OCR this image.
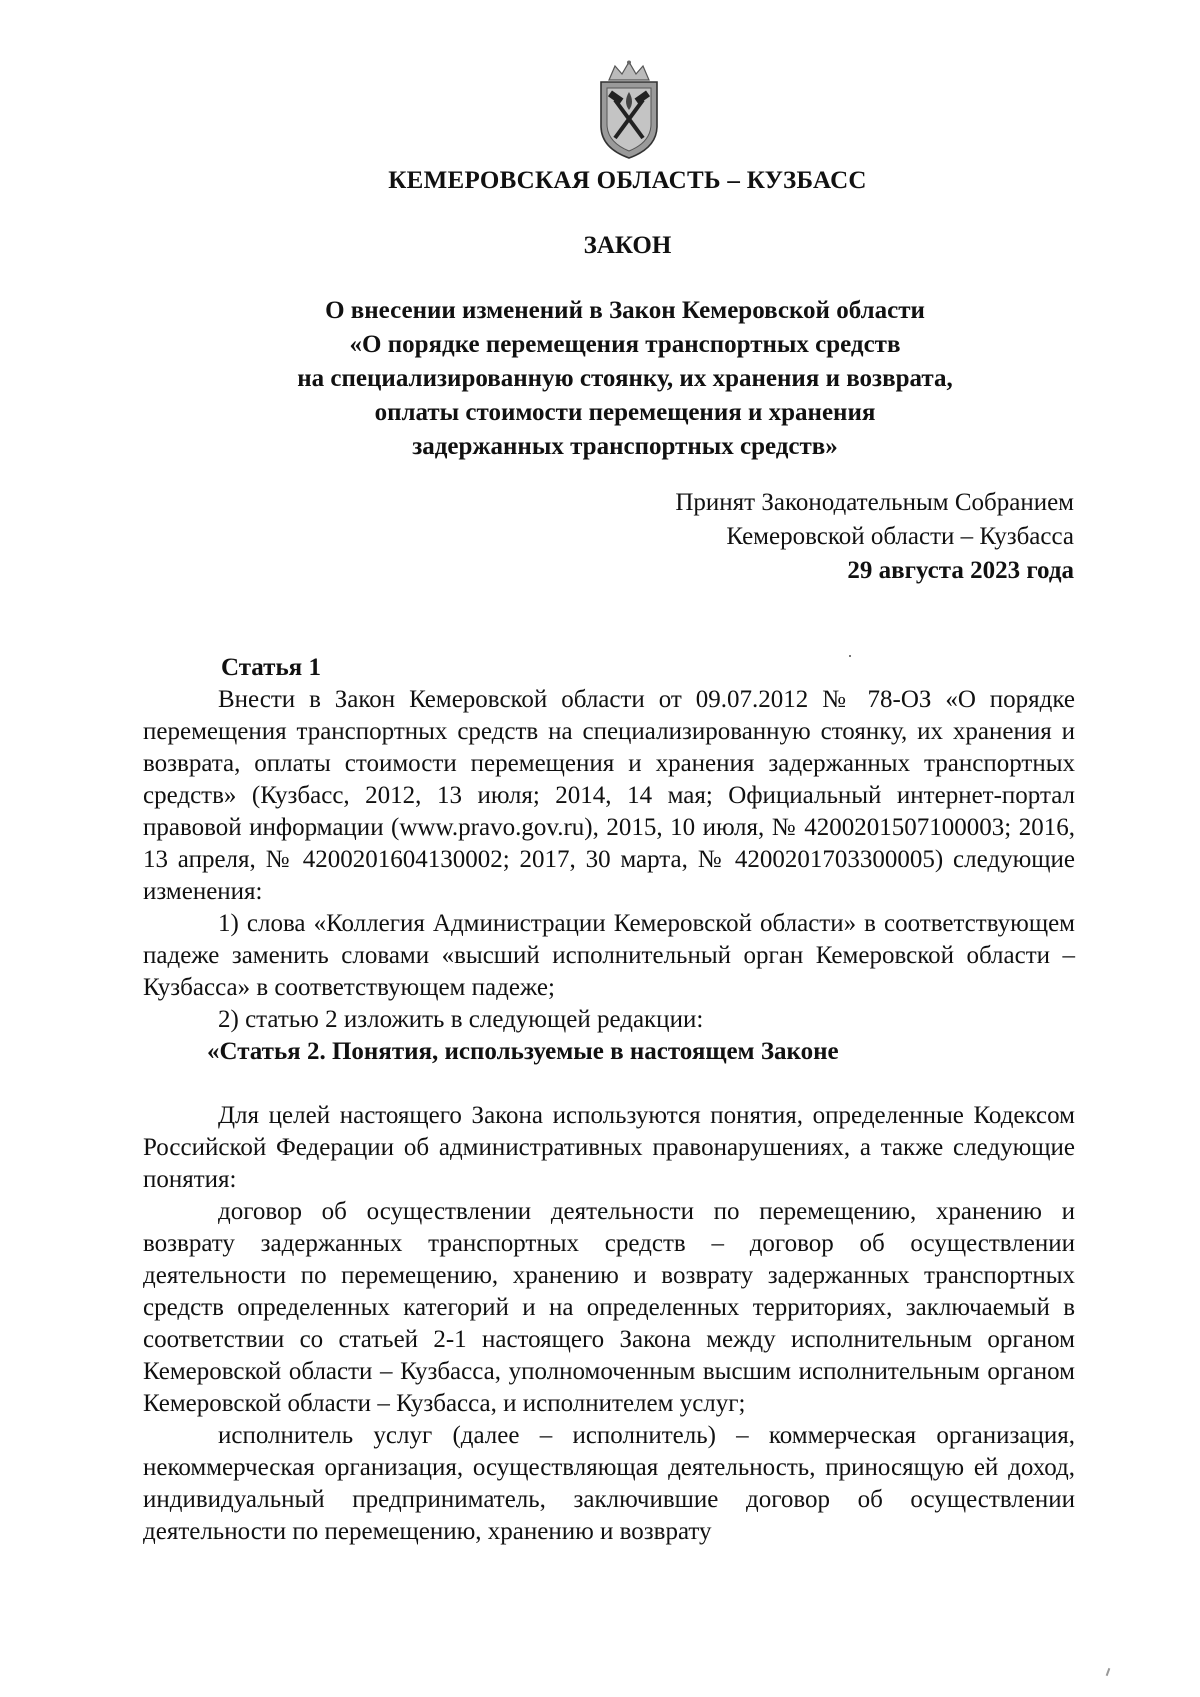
КЕМЕРОВСКАЯ ОБЛАСТЬ – КУЗБАСС
ЗАКОН
О внесении изменений в Закон Кемеровской области
«О порядке перемещения транспортных средств
на специализированную стоянку, их хранения и возврата,
оплаты стоимости перемещения и хранения
задержанных транспортных средств»
Принят Законодательным Собранием
Кемеровской области – Кузбасса
29 августа 2023 года

Статья 1

Внести в Закон Кемеровской области от 09.07.2012 № 78-ОЗ «О порядке перемещения транспортных средств на специализированную стоянку, их хранения и возврата, оплаты стоимости перемещения и хранения задержанных транспортных средств» (Кузбасс, 2012, 13 июля; 2014, 14 мая; Официальный интернет-портал правовой информации (www.pravo.gov.ru), 2015, 10 июля, № 4200201507100003; 2016, 13 апреля, № 4200201604130002; 2017, 30 марта, № 4200201703300005) следующие изменения:

1) слова «Коллегия Администрации Кемеровской области» в соответствующем падеже заменить словами «высший исполнительный орган Кемеровской области – Кузбасса» в соответствующем падеже;

2) статью 2 изложить в следующей редакции:

«Статья 2. Понятия, используемые в настоящем Законе

Для целей настоящего Закона используются понятия, определенные Кодексом Российской Федерации об административных правонарушениях, а также следующие понятия:

договор об осуществлении деятельности по перемещению, хранению и возврату задержанных транспортных средств – договор об осуществлении деятельности по перемещению, хранению и возврату задержанных транспортных средств определенных категорий и на определенных территориях, заключаемый в соответствии со статьей 2-1 настоящего Закона между исполнительным органом Кемеровской области – Кузбасса, уполномоченным высшим исполнительным органом Кемеровской области – Кузбасса, и исполнителем услуг;

исполнитель услуг (далее – исполнитель) – коммерческая организация, некоммерческая организация, осуществляющая деятельность, приносящую ей доход, индивидуальный предприниматель, заключившие договор об осуществлении деятельности по перемещению, хранению и возврату
